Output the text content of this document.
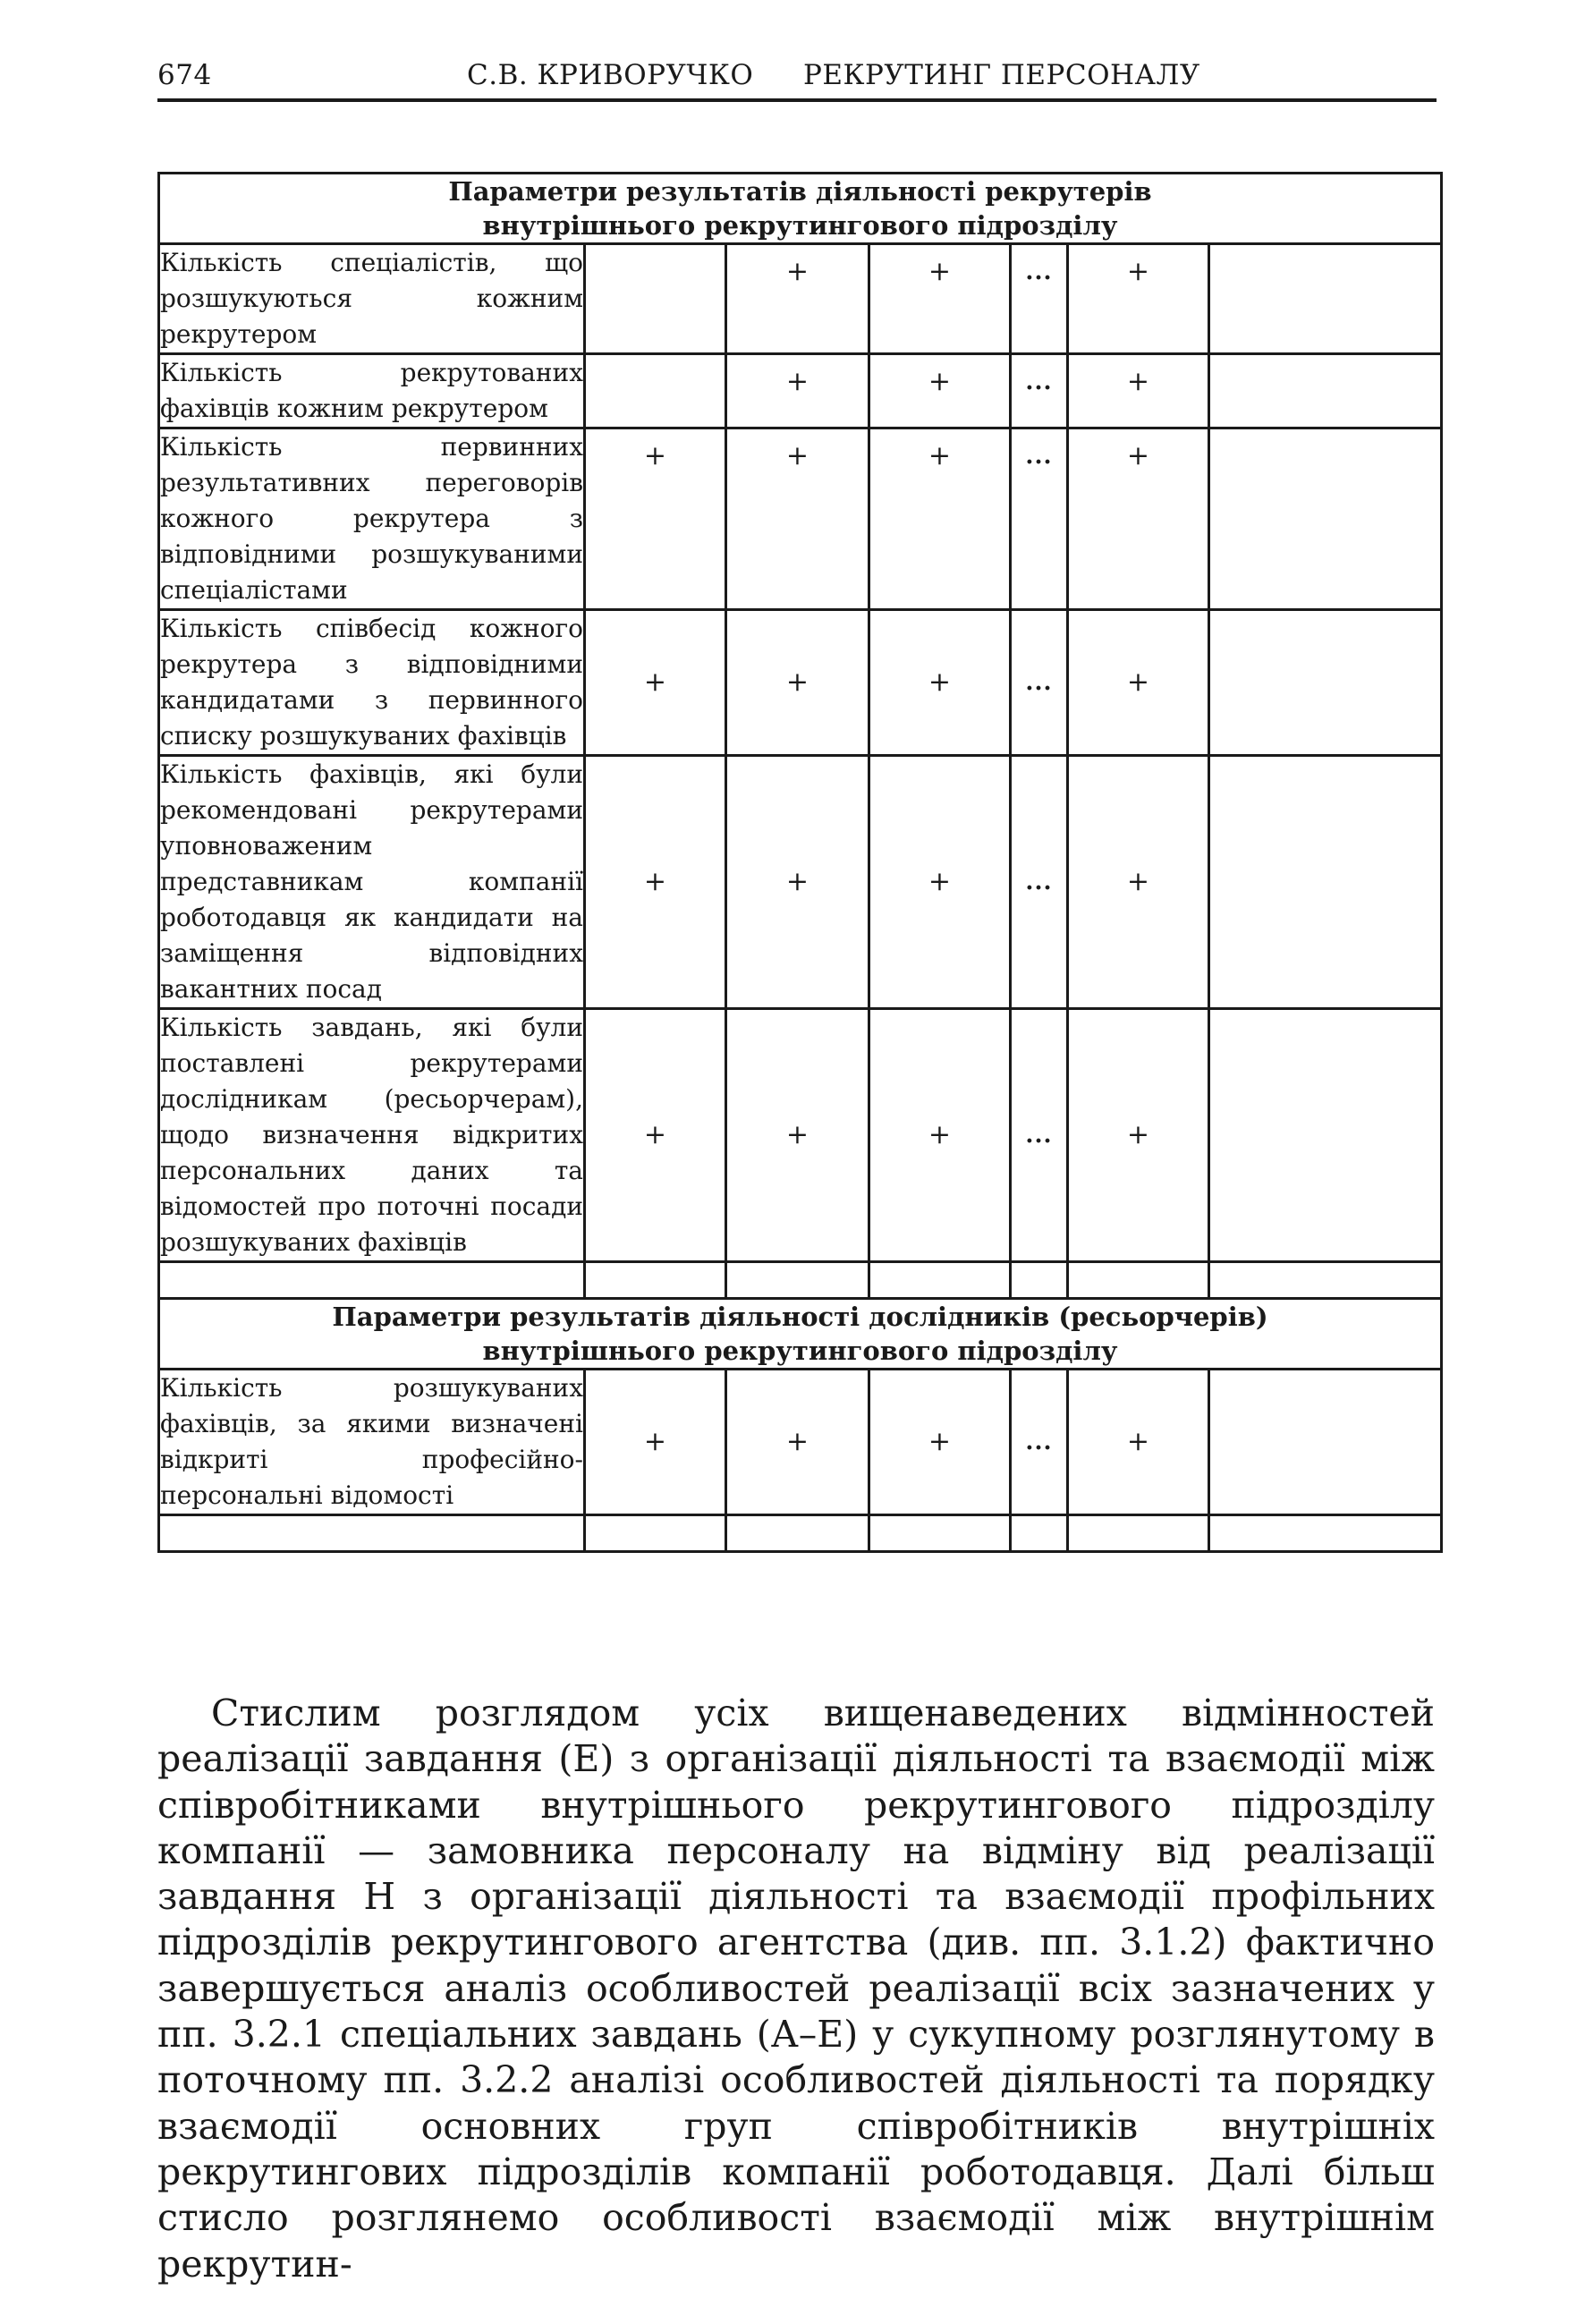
674	С.В. КРИВОРУЧКО РЕКРУТИНГ ПЕРСОНАЛУ
Параметри результатів діяльності рекрутерів
внутрішнього рекрутингового підрозділу						

Кількість спеціалістів, що розшукуються кожним рекрутером		+	+	...	+	
Кількість рекрутованих фахівців кожним рекрутером		+	+	...	+	
Кількість первинних результативних переговорів кожного рекрутера з відповідними розшукуваними спеціалістами	+	+	+	...	+	
Кількість співбесід кожного рекрутера з відповідними кандидатами з первинного списку розшукуваних фахівців	+	+	+	...	+	
Кількість фахівців, які були рекомендовані рекрутерами уповноваженим представникам компанії роботодавця як кандидати на заміщення відповідних вакантних посад	+	+	+	...	+	
Кількість завдань, які були поставлені рекрутерами дослідникам (ресьорчерам), щодо визначення відкритих персональних даних та відомостей про поточні посади розшукуваних фахівців	+	+	+	...	+	

Параметри результатів діяльності дослідників (ресьорчерів)
внутрішнього рекрутингового підрозділу						

Кількість розшукуваних фахівців, за якими визначені відкриті професійно-персональні відомості	+	+	+	...	+	

Стислим розглядом усіх вищенаведених відмінностей реалізації завдання (Е) з організації діяльності та взаємодії між співробітниками внутрішнього рекрутингового підрозділу компанії — замовника персоналу на відміну від реалізації завдання Н з організації діяльності та взаємодії профільних підрозділів рекрутингового агентства (див. пп. 3.1.2) фактично завершується аналіз особливостей реалізації всіх зазначених у пп. 3.2.1 спеціальних завдань (А–Е) у сукупному розглянутому в поточному пп. 3.2.2 аналізі особливостей діяльності та порядку взаємодії основних груп співробітників внутрішніх рекрутингових підрозділів компанії роботодавця. Далі більш стисло розглянемо особливості взаємодії між внутрішнім рекрутин-
